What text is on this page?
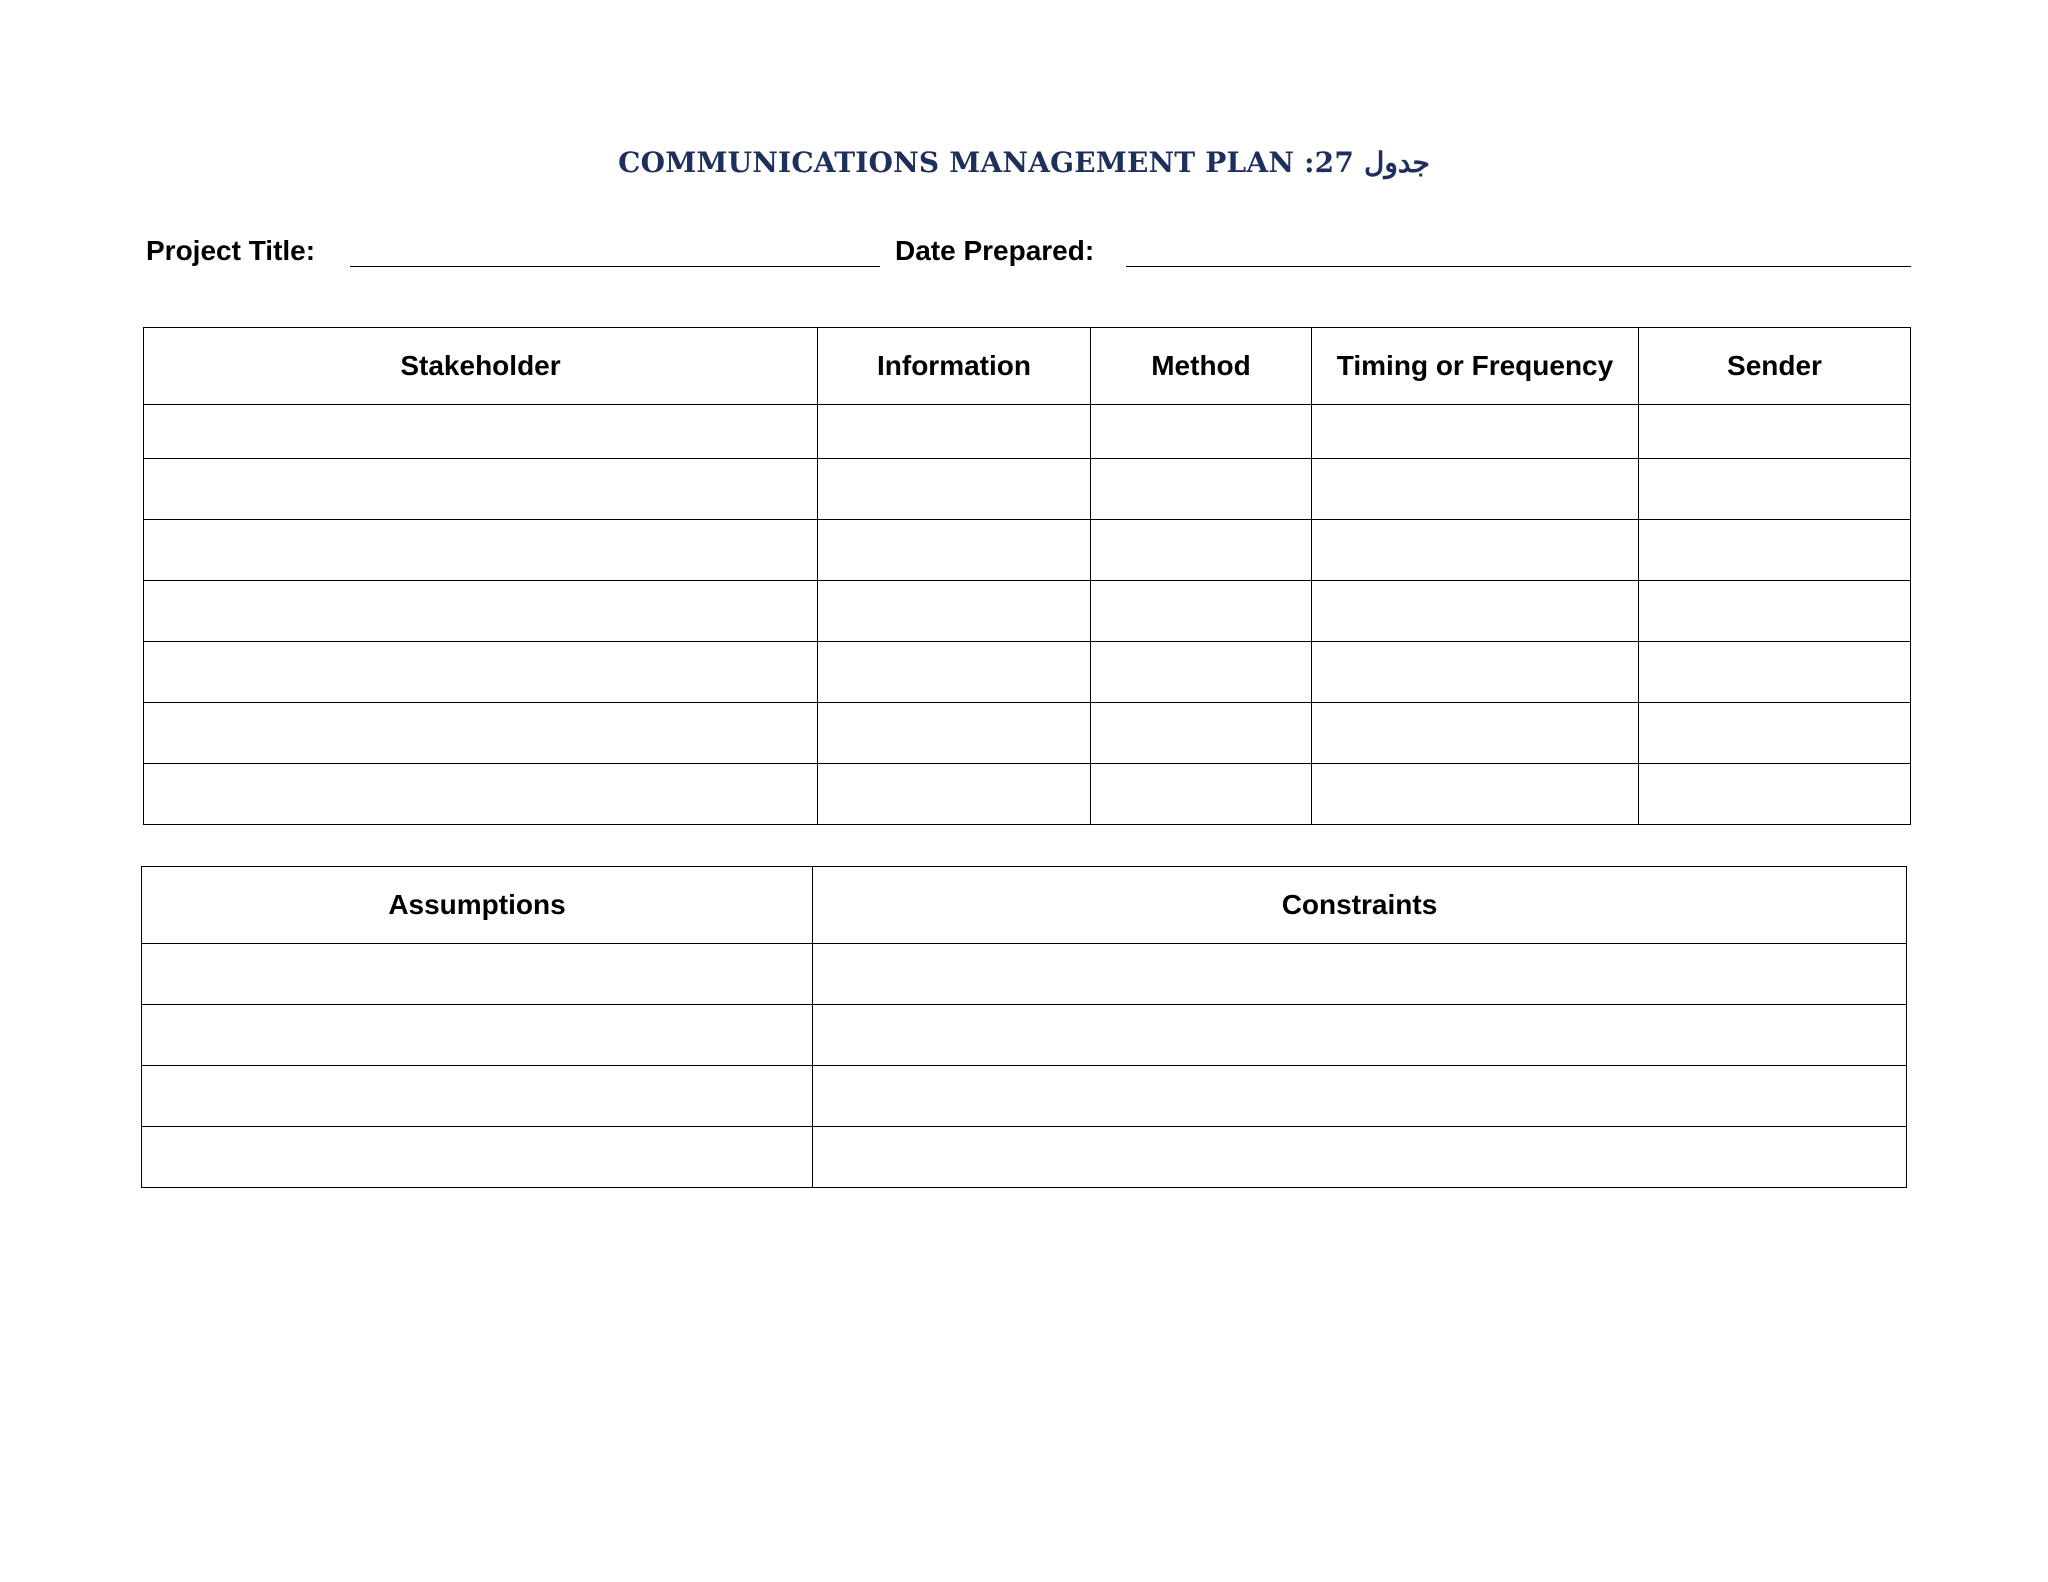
COMMUNICATIONS MANAGEMENT PLAN :27 جدول
Project Title:	Date Prepared:
Stakeholder	Information	Method	Timing or Frequency	Sender

Assumptions	Constraints
